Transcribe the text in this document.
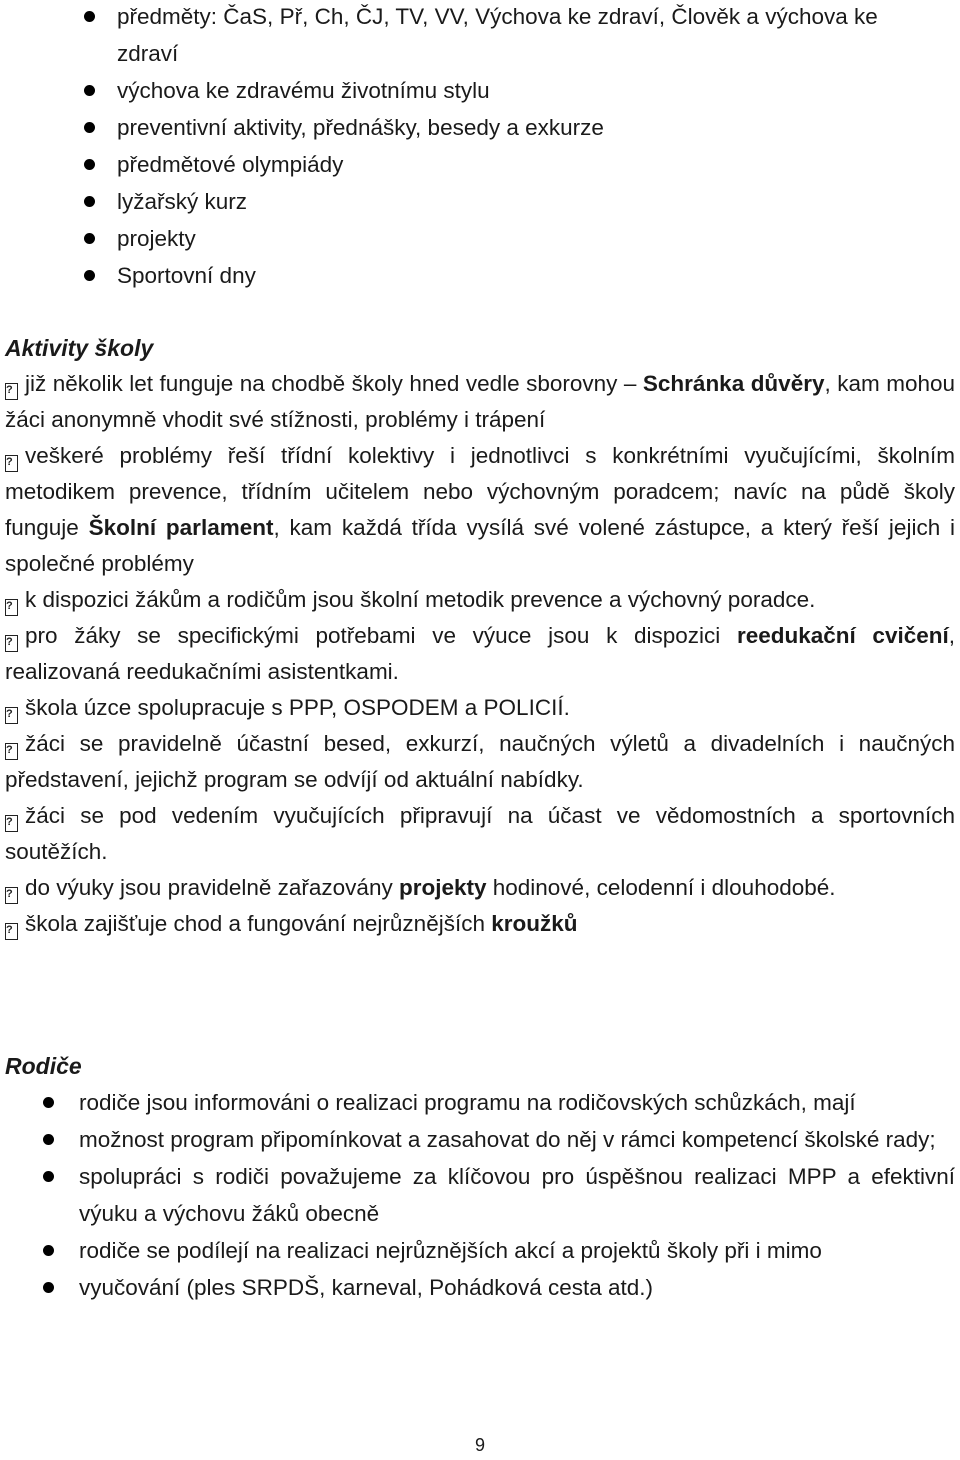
předměty: ČaS, Př, Ch, ČJ, TV, VV, Výchova ke zdraví, Člověk a výchova ke zdraví
výchova ke zdravému životnímu stylu
preventivní aktivity, přednášky, besedy a exkurze
předmětové olympiády
lyžařský kurz
projekty
Sportovní dny
Aktivity školy

?již několik let funguje na chodbě školy hned vedle sborovny – Schránka důvěry, kam mohou žáci anonymně vhodit své stížnosti, problémy i trápení

?veškeré problémy řeší třídní kolektivy i jednotlivci s konkrétními vyučujícími, školním metodikem prevence, třídním učitelem nebo výchovným poradcem; navíc na půdě školy funguje Školní parlament, kam každá třída vysílá své volené zástupce, a který řeší jejich i společné problémy

?k dispozici žákům a rodičům jsou školní metodik prevence a výchovný poradce.

?pro žáky se specifickými potřebami ve výuce jsou k dispozici reedukační cvičení, realizovaná reedukačními asistentkami.

?škola úzce spolupracuje s PPP, OSPODEM a POLICIÍ.

?žáci se pravidelně účastní besed, exkurzí, naučných výletů a divadelních i naučných představení, jejichž program se odvíjí od aktuální nabídky.

?žáci se pod vedením vyučujících připravují na účast ve vědomostních a sportovních soutěžích.

?do výuky jsou pravidelně zařazovány projekty hodinové, celodenní i dlouhodobé.

?škola zajišťuje chod a fungování nejrůznějších kroužků

Rodiče
rodiče jsou informováni o realizaci programu na rodičovských schůzkách, mají
možnost program připomínkovat a zasahovat do něj v rámci kompetencí školské rady;
spolupráci s rodiči považujeme za klíčovou pro úspěšnou realizaci MPP a efektivní výuku a výchovu žáků obecně
rodiče se podílejí na realizaci nejrůznějších akcí a projektů školy při i mimo
vyučování (ples SRPDŠ, karneval, Pohádková cesta atd.)
9
